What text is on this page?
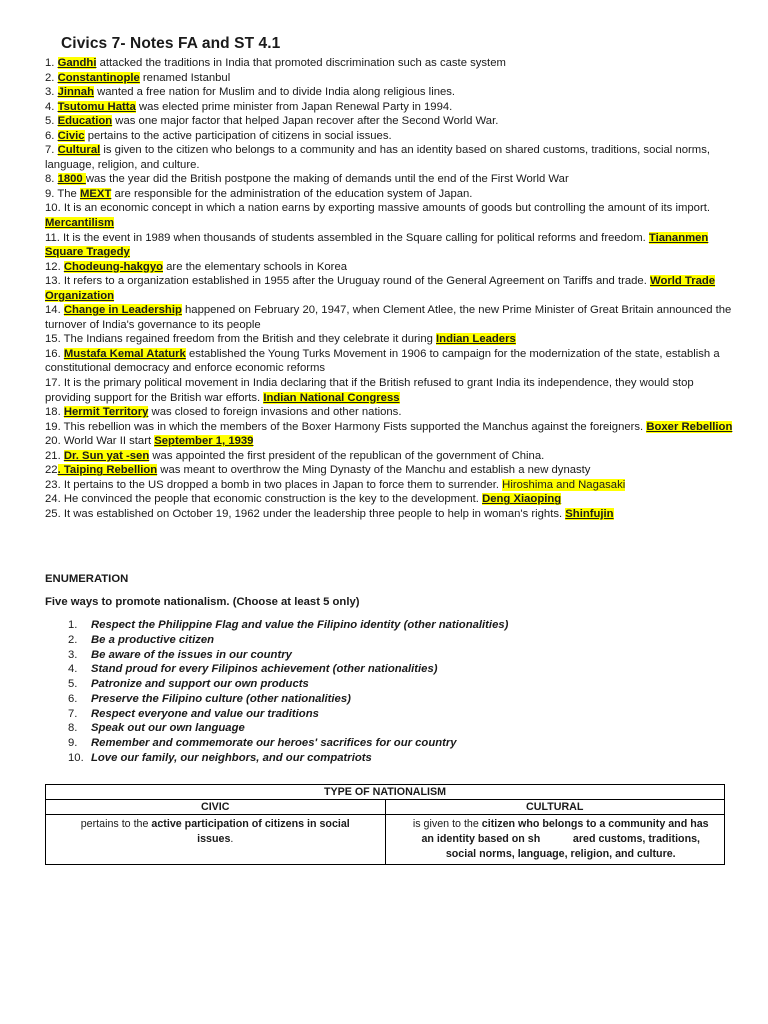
Civics 7- Notes FA and ST 4.1
1. Gandhi attacked the traditions in India that promoted discrimination such as caste system
2. Constantinople renamed Istanbul
3. Jinnah wanted a free nation for Muslim and to divide India along religious lines.
4. Tsutomu Hatta was elected prime minister from Japan Renewal Party in 1994.
5. Education was one major factor that helped Japan recover after the Second World War.
6. Civic pertains to the active participation of citizens in social issues.
7. Cultural is given to the citizen who belongs to a community and has an identity based on shared customs, traditions, social norms, language, religion, and culture.
8. 1800 was the year did the British postpone the making of demands until the end of the First World War
9. The MEXT are responsible for the administration of the education system of Japan.
10. It is an economic concept in which a nation earns by exporting massive amounts of goods but controlling the amount of its import. Mercantilism
11. It is the event in 1989 when thousands of students assembled in the Square calling for political reforms and freedom. Tiananmen Square Tragedy
12. Chodeung-hakgyo are the elementary schools in Korea
13. It refers to a organization established in 1955 after the Uruguay round of the General Agreement on Tariffs and trade. World Trade Organization
14. Change in Leadership happened on February 20, 1947, when Clement Atlee, the new Prime Minister of Great Britain announced the turnover of India's governance to its people
15. The Indians regained freedom from the British and they celebrate it during Indian Leaders
16. Mustafa Kemal Ataturk established the Young Turks Movement in 1906 to campaign for the modernization of the state, establish a constitutional democracy and enforce economic reforms
17. It is the primary political movement in India declaring that if the British refused to grant India its independence, they would stop providing support for the British war efforts. Indian National Congress
18. Hermit Territory was closed to foreign invasions and other nations.
19. This rebellion was in which the members of the Boxer Harmony Fists supported the Manchus against the foreigners. Boxer Rebellion
20. World War II start September 1, 1939
21. Dr. Sun yat -sen was appointed the first president of the republican of the government of China.
22. Taiping Rebellion was meant to overthrow the Ming Dynasty of the Manchu and establish a new dynasty
23. It pertains to the US dropped a bomb in two places in Japan to force them to surrender. Hiroshima and Nagasaki
24. He convinced the people that economic construction is the key to the development. Deng Xiaoping
25. It was established on October 19, 1962 under the leadership three people to help in woman's rights. Shinfujin
ENUMERATION
Five ways to promote nationalism. (Choose at least 5 only)
1.	Respect the Philippine Flag and value the Filipino identity (other nationalities)
2.	Be a productive citizen
3.	Be aware of the issues in our country
4.	Stand proud for every Filipinos achievement (other nationalities)
5.	Patronize and support our own products
6.	Preserve the Filipino culture (other nationalities)
7.	Respect everyone and value our traditions
8.	Speak out our own language
9.	Remember and commemorate our heroes' sacrifices for our country
10. Love our family, our neighbors, and our compatriots
TYPE OF NATIONALISM	
CIVIC	CULTURAL
pertains to the active participation of citizens in social issues.	is given to the citizen who belongs to a community and has an identity based on sh           ared customs, traditions, social norms, language, religion, and culture.
